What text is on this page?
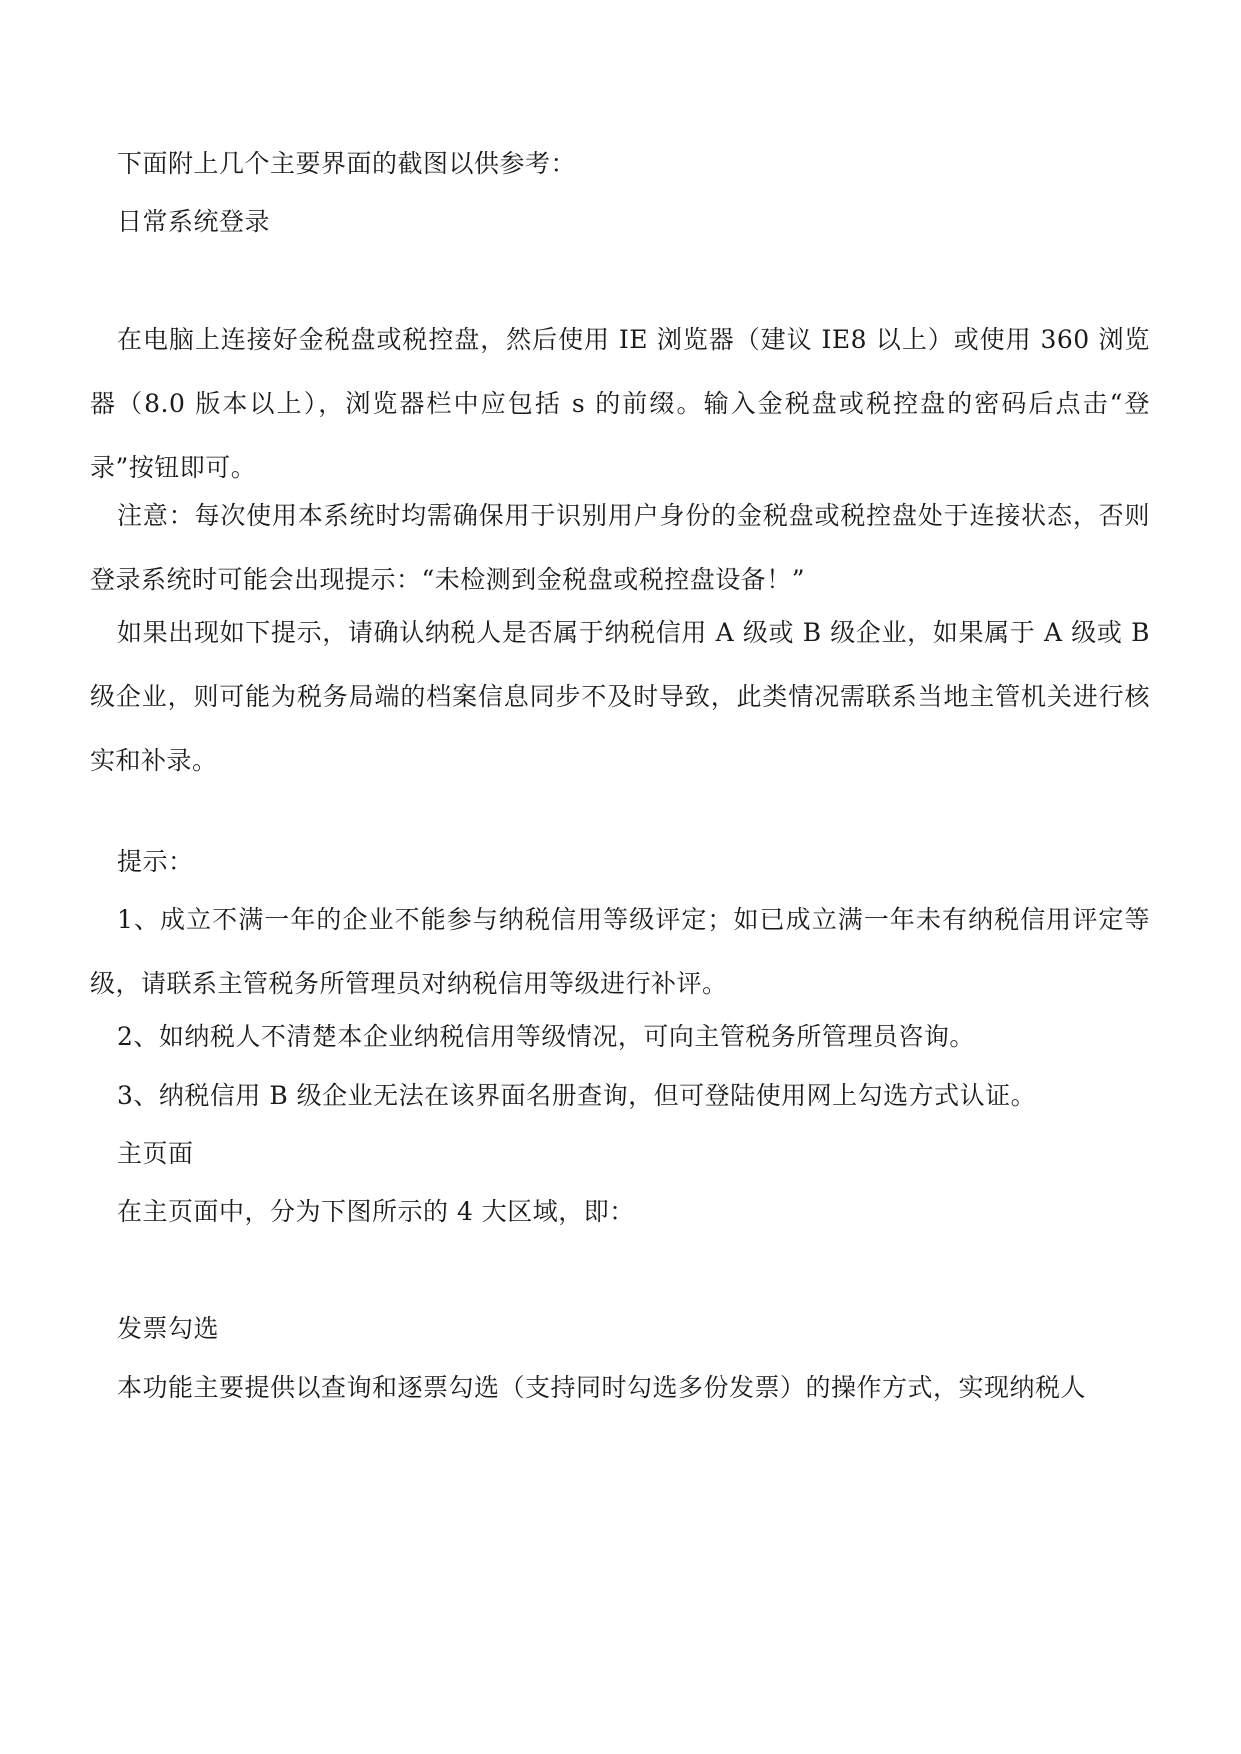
下面附上几个主要界面的截图以供参考：

日常系统登录

在电脑上连接好金税盘或税控盘，然后使用 IE 浏览器（建议 IE8 以上）或使用 360 浏览器（8.0 版本以上），浏览器栏中应包括 s 的前缀。输入金税盘或税控盘的密码后点击“登录”按钮即可。

注意：每次使用本系统时均需确保用于识别用户身份的金税盘或税控盘处于连接状态，否则登录系统时可能会出现提示：“未检测到金税盘或税控盘设备！”

如果出现如下提示，请确认纳税人是否属于纳税信用 A 级或 B 级企业，如果属于 A 级或 B 级企业，则可能为税务局端的档案信息同步不及时导致，此类情况需联系当地主管机关进行核实和补录。

提示：

1、成立不满一年的企业不能参与纳税信用等级评定；如已成立满一年未有纳税信用评定等级，请联系主管税务所管理员对纳税信用等级进行补评。

2、如纳税人不清楚本企业纳税信用等级情况，可向主管税务所管理员咨询。

3、纳税信用 B 级企业无法在该界面名册查询，但可登陆使用网上勾选方式认证。

主页面

在主页面中，分为下图所示的 4 大区域，即：

发票勾选

本功能主要提供以查询和逐票勾选（支持同时勾选多份发票）的操作方式，实现纳税人
